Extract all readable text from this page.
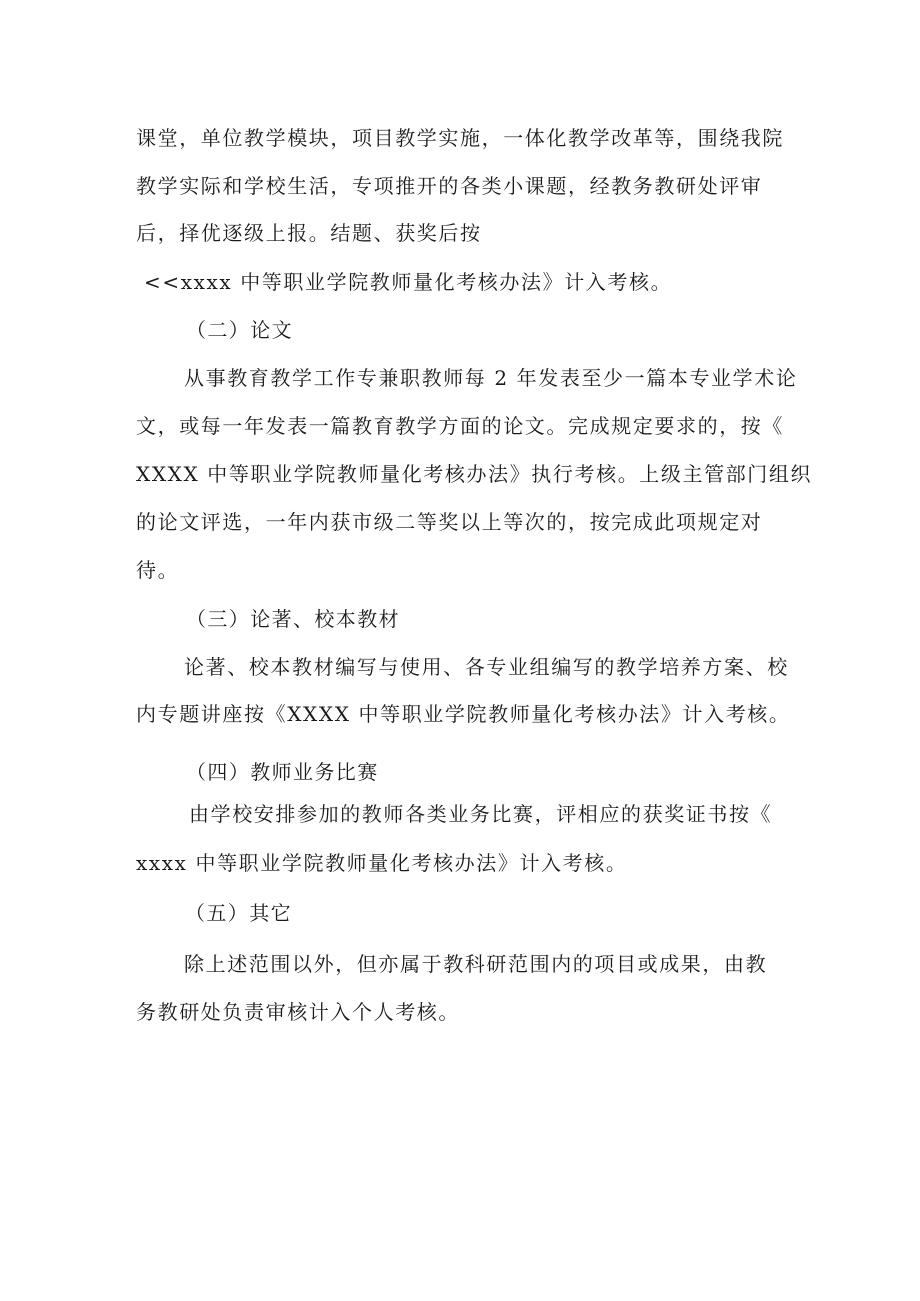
课堂，单位教学模块，项目教学实施，一体化教学改革等，围绕我院
教学实际和学校生活，专项推开的各类小课题，经教务教研处评审
后，择优逐级上报。结题、获奖后按
<<xxxx 中等职业学院教师量化考核办法》计入考核。
（二）论文
从事教育教学工作专兼职教师每 2 年发表至少一篇本专业学术论
文，或每一年发表一篇教育教学方面的论文。完成规定要求的，按《
XXXX 中等职业学院教师量化考核办法》执行考核。上级主管部门组织
的论文评选，一年内获市级二等奖以上等次的，按完成此项规定对
待。
（三）论著、校本教材
论著、校本教材编写与使用、各专业组编写的教学培养方案、校
内专题讲座按《XXXX 中等职业学院教师量化考核办法》计入考核。
（四）教师业务比赛
由学校安排参加的教师各类业务比赛，评相应的获奖证书按《
xxxx 中等职业学院教师量化考核办法》计入考核。
（五）其它
除上述范围以外，但亦属于教科研范围内的项目或成果，由教
务教研处负责审核计入个人考核。
